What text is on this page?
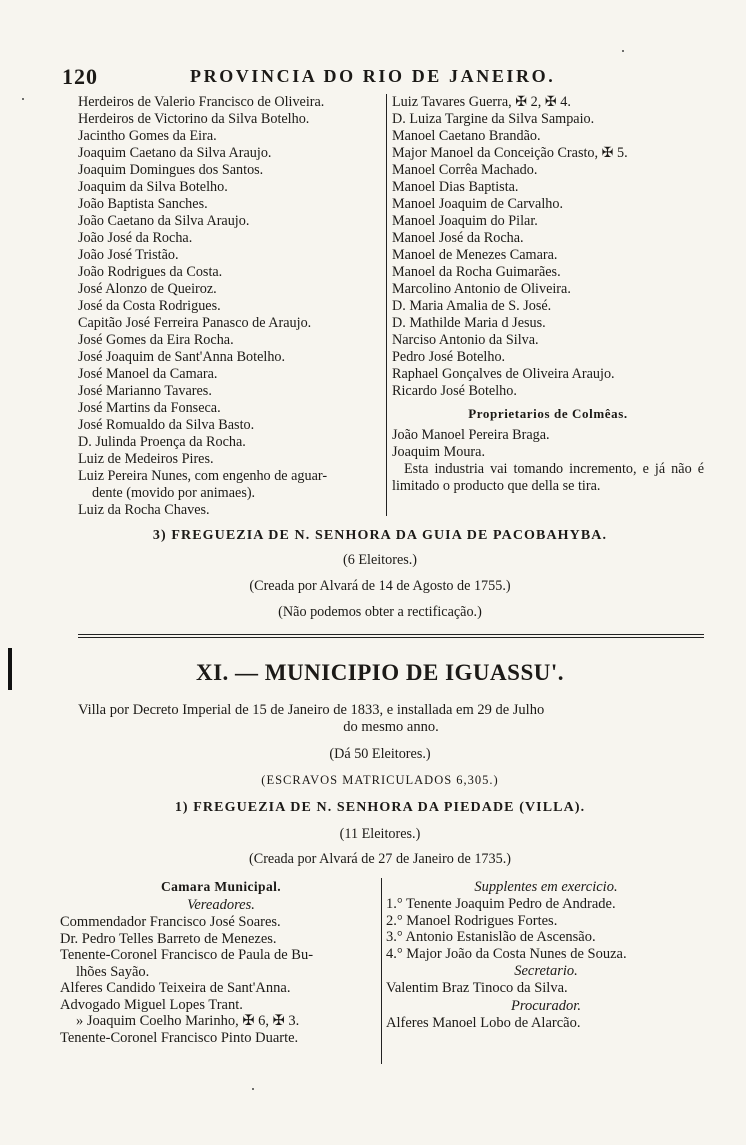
120	PROVINCIA DO RIO DE JANEIRO.
Herdeiros de Valerio Francisco de Oliveira.
Herdeiros de Victorino da Silva Botelho.
Jacintho Gomes da Eira.
Joaquim Caetano da Silva Araujo.
Joaquim Domingues dos Santos.
Joaquim da Silva Botelho.
João Baptista Sanches.
João Caetano da Silva Araujo.
João José da Rocha.
João José Tristão.
João Rodrigues da Costa.
José Alonzo de Queiroz.
José da Costa Rodrigues.
Capitão José Ferreira Panasco de Araujo.
José Gomes da Eira Rocha.
José Joaquim de Sant'Anna Botelho.
José Manoel da Camara.
José Marianno Tavares.
José Martins da Fonseca.
José Romualdo da Silva Basto.
D. Julinda Proença da Rocha.
Luiz de Medeiros Pires.
Luiz Pereira Nunes, com engenho de aguar-
dente (movido por animaes).
Luiz da Rocha Chaves.
Luiz Tavares Guerra, ✠ 2, ✠ 4.
D. Luiza Targine da Silva Sampaio.
Manoel Caetano Brandão.
Major Manoel da Conceição Crasto, ✠ 5.
Manoel Corrêa Machado.
Manoel Dias Baptista.
Manoel Joaquim de Carvalho.
Manoel Joaquim do Pilar.
Manoel José da Rocha.
Manoel de Menezes Camara.
Manoel da Rocha Guimarães.
Marcolino Antonio de Oliveira.
D. Maria Amalia de S. José.
D. Mathilde Maria d Jesus.
Narciso Antonio da Silva.
Pedro José Botelho.
Raphael Gonçalves de Oliveira Araujo.
Ricardo José Botelho.
Proprietarios de Colmêas.
João Manoel Pereira Braga.
Joaquim Moura.
Esta industria vai tomando incremento, e já não é limitado o producto que della se tira.
3) FREGUEZIA DE N. SENHORA DA GUIA DE PACOBAHYBA.
(6 Eleitores.)
(Creada por Alvará de 14 de Agosto de 1755.)
(Não podemos obter a rectificação.)
XI. — MUNICIPIO DE IGUASSU'.
Villa por Decreto Imperial de 15 de Janeiro de 1833, e installada em 29 de Julho
do mesmo anno.
(Dá 50 Eleitores.)
(ESCRAVOS MATRICULADOS 6,305.)
1) FREGUEZIA DE N. SENHORA DA PIEDADE (VILLA).
(11 Eleitores.)
(Creada por Alvará de 27 de Janeiro de 1735.)
Camara Municipal.
Vereadores.
Commendador Francisco José Soares.
Dr. Pedro Telles Barreto de Menezes.
Tenente-Coronel Francisco de Paula de Bu-
lhões Sayão.
Alferes Candido Teixeira de Sant'Anna.
Advogado Miguel Lopes Trant.
» Joaquim Coelho Marinho, ✠ 6, ✠ 3.
Tenente-Coronel Francisco Pinto Duarte.
Supplentes em exercicio.
1.° Tenente Joaquim Pedro de Andrade.
2.° Manoel Rodrigues Fortes.
3.° Antonio Estanislão de Ascensão.
4.° Major João da Costa Nunes de Souza.
Secretario.
Valentim Braz Tinoco da Silva.
Procurador.
Alferes Manoel Lobo de Alarcão.
